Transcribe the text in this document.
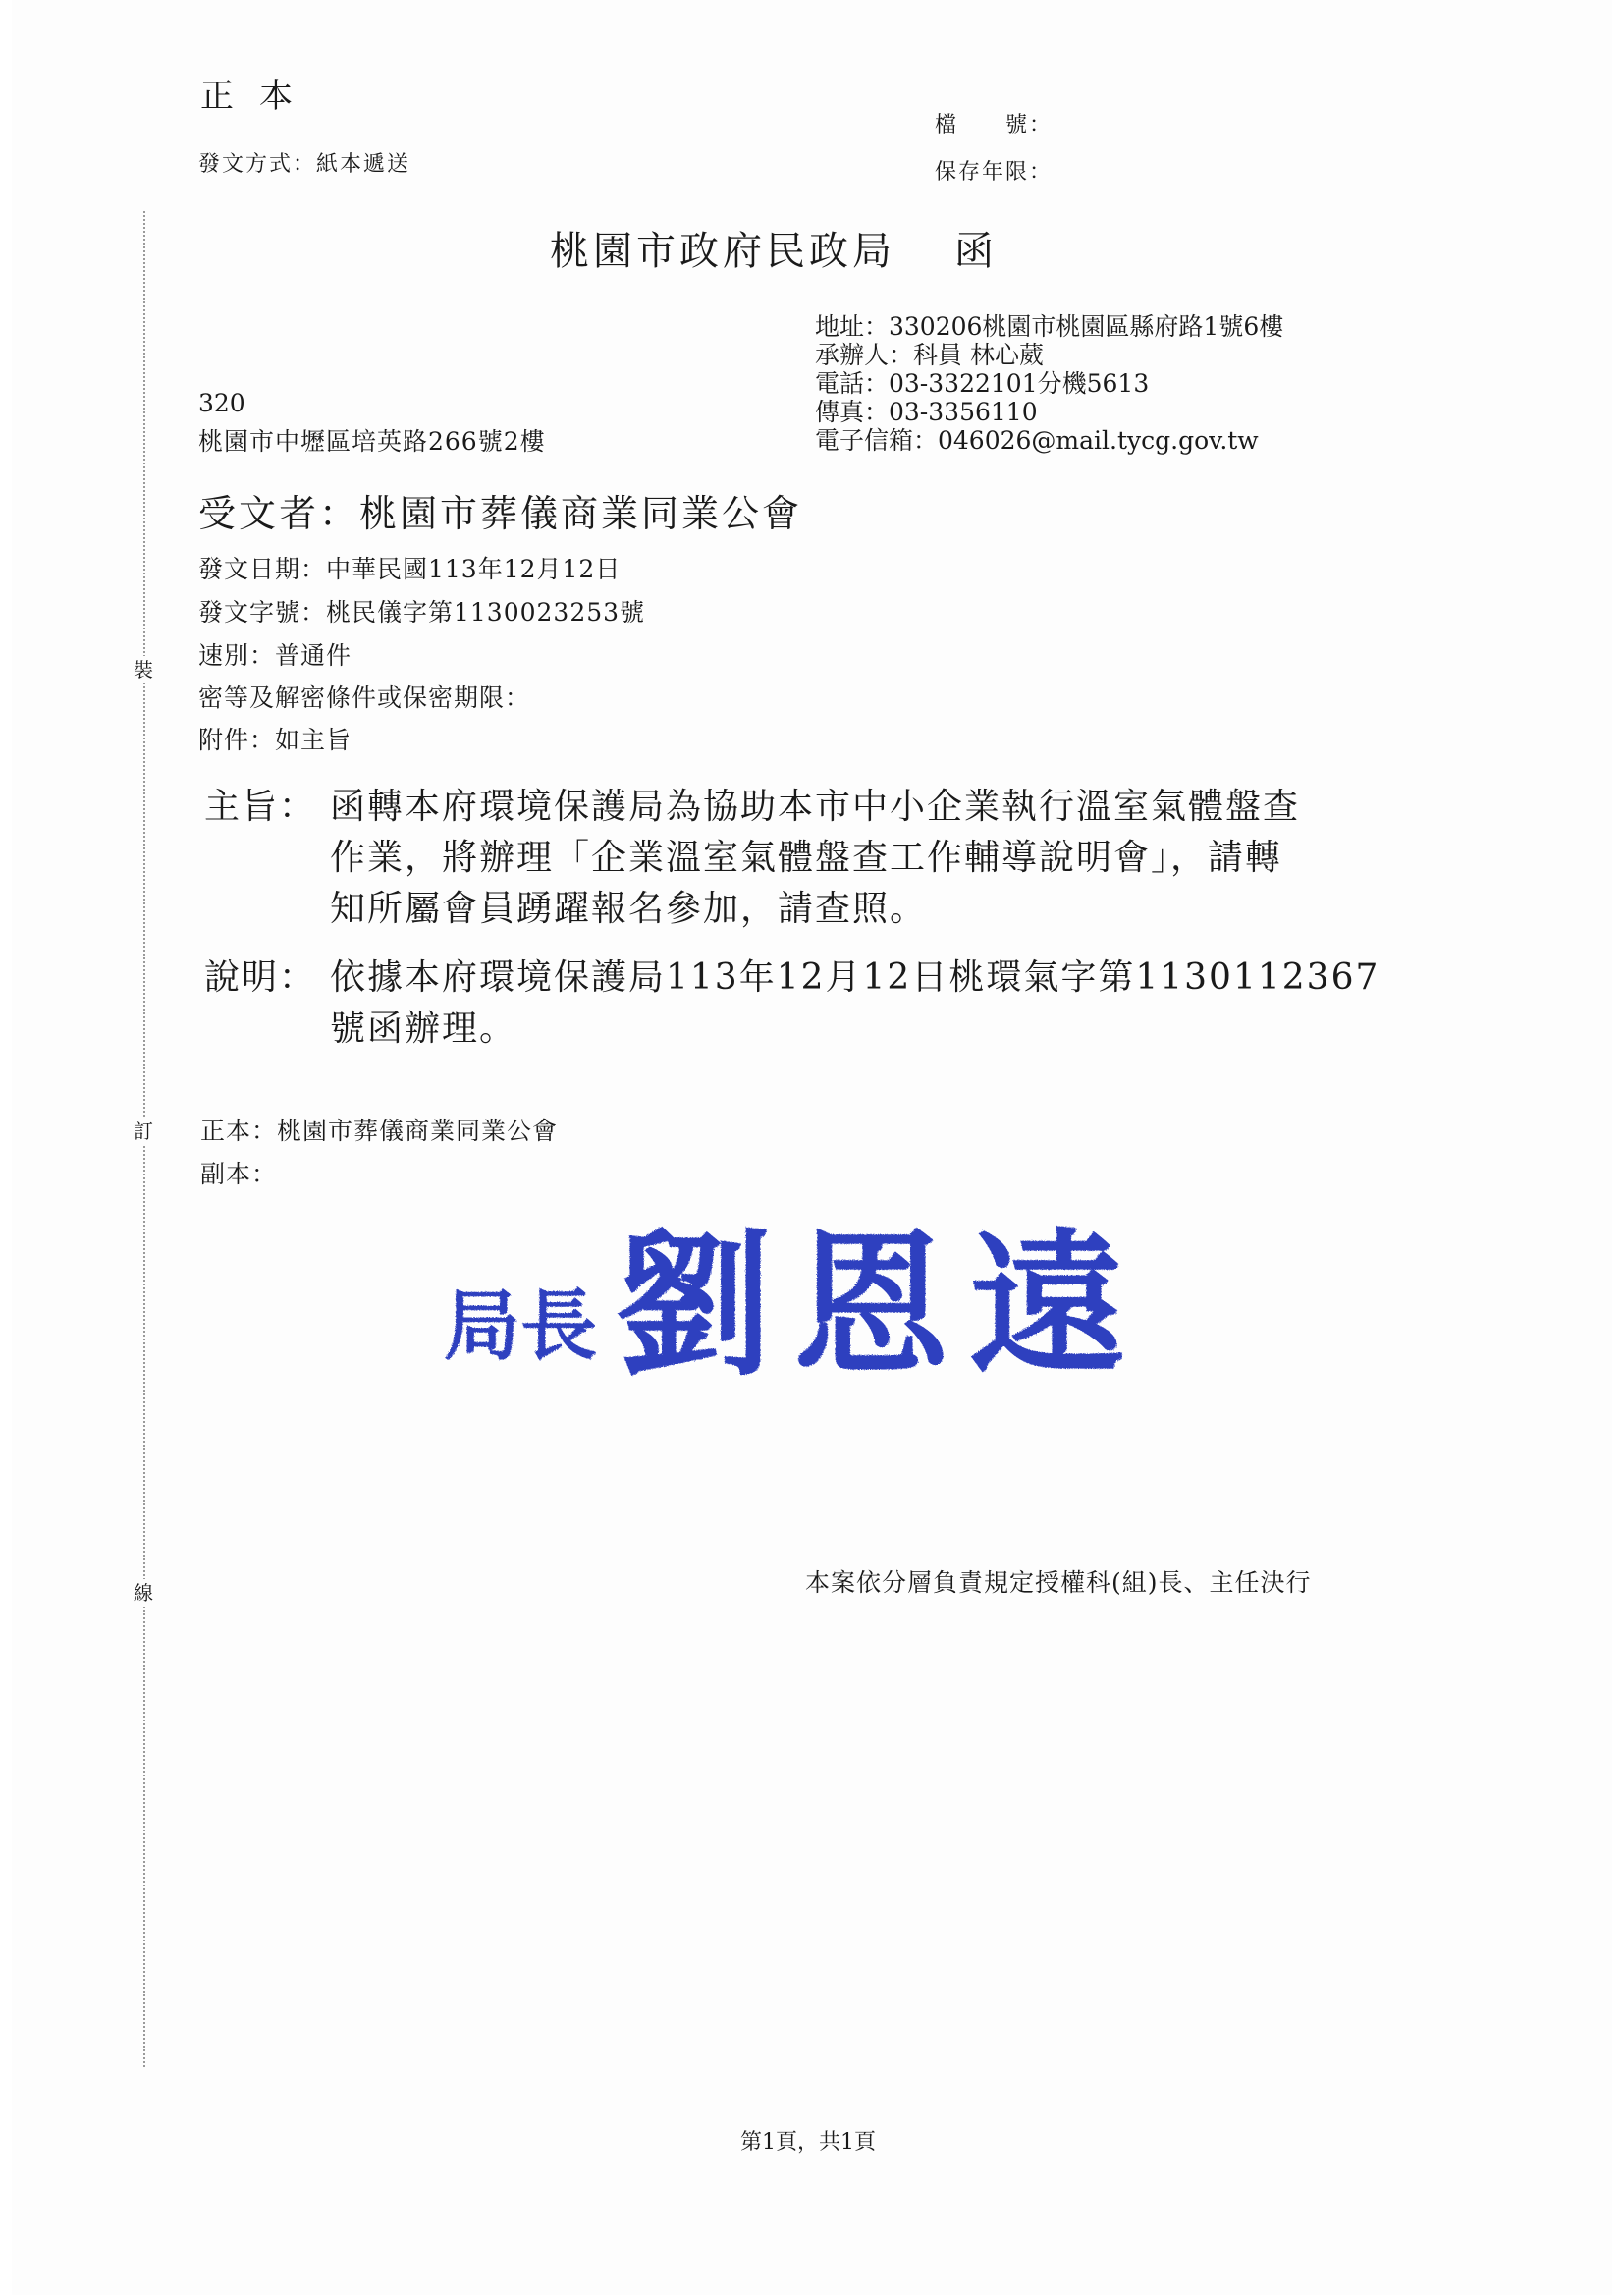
裝
訂
線
正本
發文方式：紙本遞送
檔 號：
保存年限：
桃園市政府民政局 函
地址：330206桃園市桃園區縣府路1號6樓
承辦人：科員 林心葳
電話：03-3322101分機5613
傳真：03-3356110
電子信箱：046026@mail.tycg.gov.tw
320
桃園市中壢區培英路266號2樓
受文者：桃園市葬儀商業同業公會
發文日期：中華民國113年12月12日
發文字號：桃民儀字第1130023253號
速別：普通件
密等及解密條件或保密期限：
附件：如主旨
主旨： 函轉本府環境保護局為協助本市中小企業執行溫室氣體盤查
作業，將辦理「企業溫室氣體盤查工作輔導說明會」，請轉
知所屬會員踴躍報名參加，請查照。
說明： 依據本府環境保護局113年12月12日桃環氣字第1130112367
號函辦理。
正本：桃園市葬儀商業同業公會
副本：
局長 劉恩遠
本案依分層負責規定授權科(組)長、主任決行
第1頁，共1頁
